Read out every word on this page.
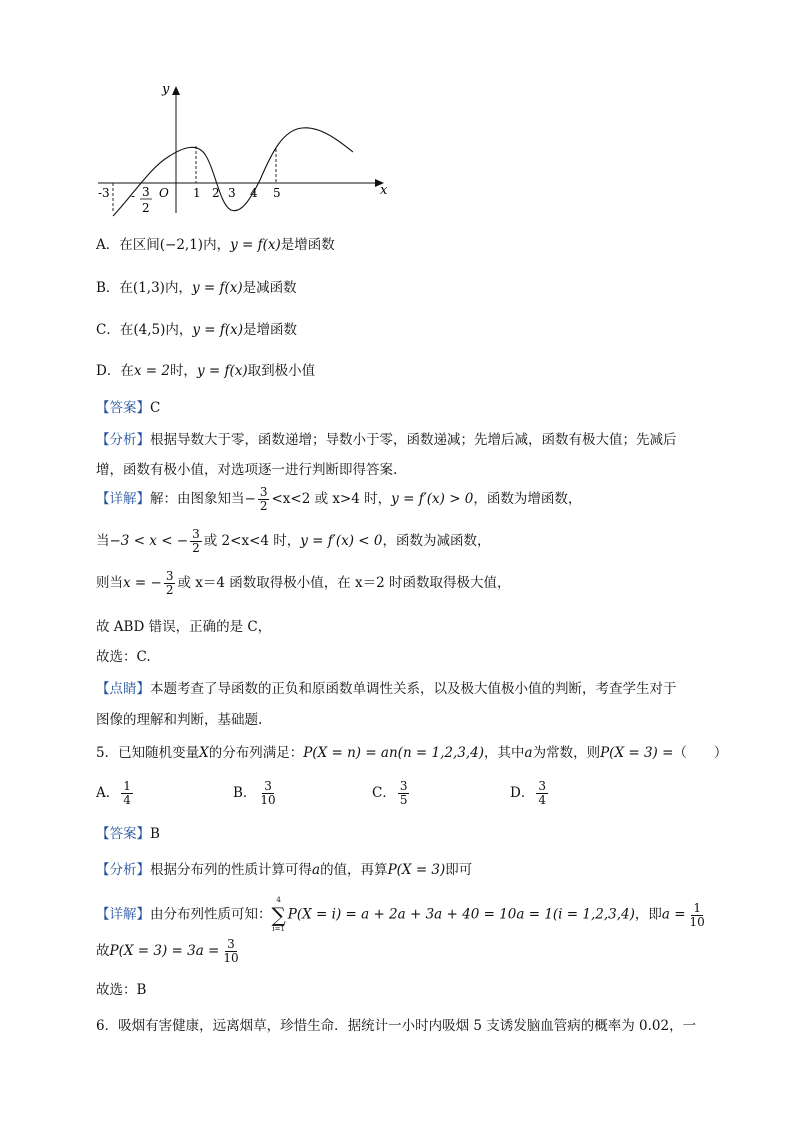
y
x
-3 - 3
2
O 1 2 3 4 5
A．在区间(−2,1)内，y = f(x)是增函数
B．在(1,3)内，y = f(x)是减函数
C．在(4,5)内，y = f(x)是增函数
D．在x = 2时，y = f(x)取到极小值
【答案】C
【分析】根据导数大于零，函数递增；导数小于零，函数递减；先增后减，函数有极大值；先减后
增，函数有极小值，对选项逐一进行判断即得答案.
【详解】解：由图象知当− $\frac{3}{2} <x<2$ 或 x>4 时，y = f′(x) > 0，函数为增函数，
当−3 < x < − $\frac{3}{2}$ 或 2<x<4 时，y = f′(x) < 0，函数为减函数，
则当x = − $\frac{3}{2}$ 或 x＝4 函数取得极小值，在 x＝2 时函数取得极大值，
故 ABD 错误，正确的是 C，
故选：C.
【点睛】本题考查了导函数的正负和原函数单调性关系，以及极大值极小值的判断，考查学生对于
图像的理解和判断，基础题.
5．已知随机变量X的分布列满足：P(X = n) = an(n = 1,2,3,4)，其中a为常数，则P(X = 3) =（　　）
A． $\frac{1}{4}$	B． $\frac{3}{10}$	C． $\frac{3}{5}$	D． $\frac{3}{4}$
【答案】B
【分析】根据分布列的性质计算可得a的值，再算P(X = 3)即可
【详解】由分布列性质可知：
4
∑
i=1
P(X = i) = a + 2a + 3a + 40 = 10a = 1(i = 1,2,3,4)，即$a = \frac{1}{10}$
故$P(X = 3) = 3a = \frac{3}{10}$
故选：B
6．吸烟有害健康，远离烟草，珍惜生命．据统计一小时内吸烟 5 支诱发脑血管病的概率为 0.02，一
